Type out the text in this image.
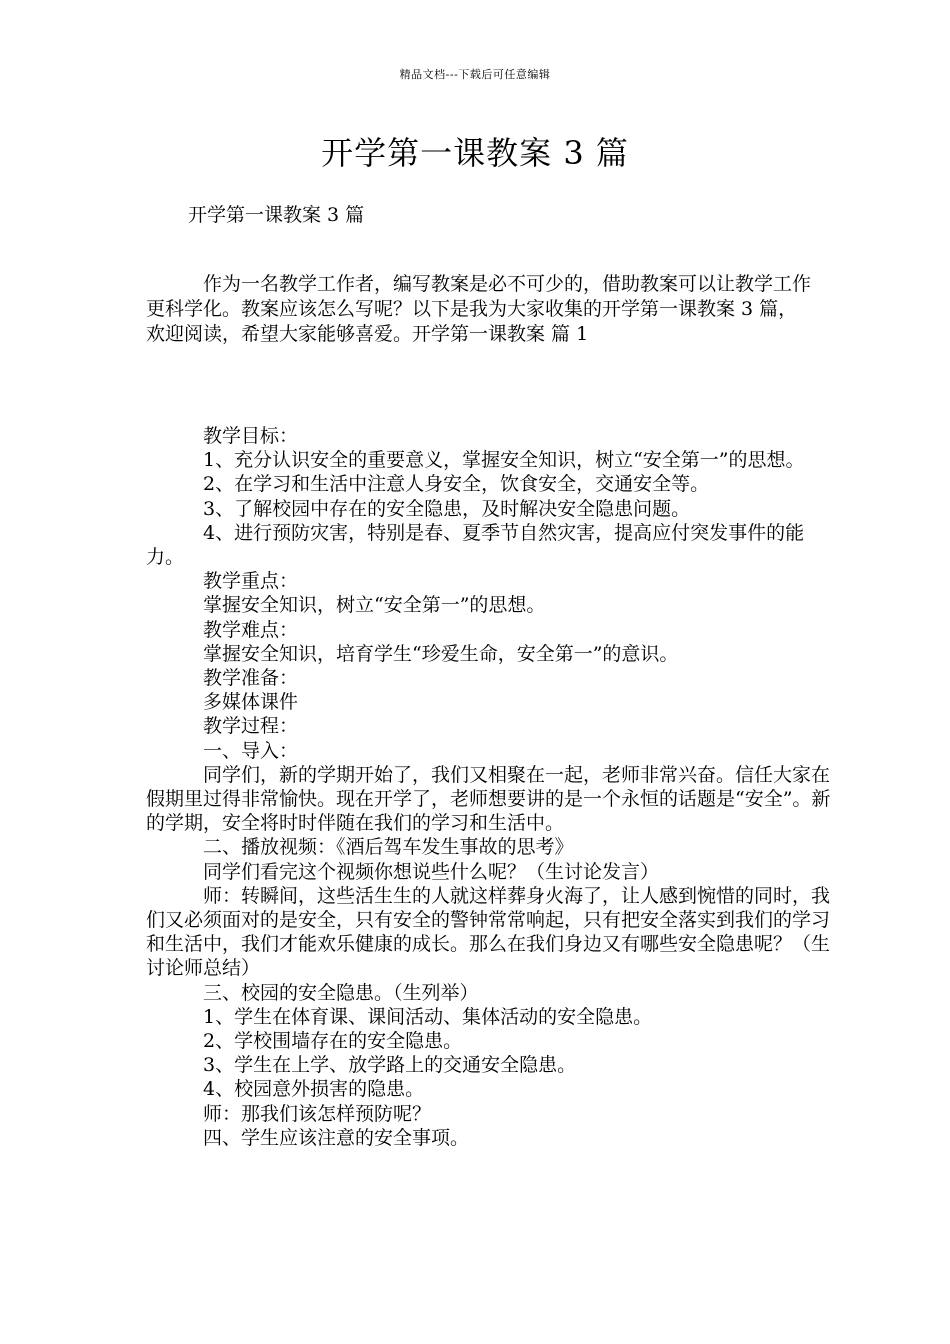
精品文档---下载后可任意编辑
开学第一课教案 3 篇

开学第一课教案 3 篇

作为一名教学工作者，编写教案是必不可少的，借助教案可以让教学工作更科学化。教案应该怎么写呢？以下是我为大家收集的开学第一课教案 3 篇，欢迎阅读，希望大家能够喜爱。开学第一课教案 篇 1

教学目标：

1、充分认识安全的重要意义，掌握安全知识，树立“安全第一”的思想。

2、在学习和生活中注意人身安全，饮食安全，交通安全等。

3、了解校园中存在的安全隐患，及时解决安全隐患问题。

4、进行预防灾害，特别是春、夏季节自然灾害，提高应付突发事件的能力。

教学重点：

掌握安全知识，树立“安全第一”的思想。

教学难点：

掌握安全知识，培育学生“珍爱生命，安全第一”的意识。

教学准备：

多媒体课件

教学过程：

一、导入：

同学们，新的学期开始了，我们又相聚在一起，老师非常兴奋。信任大家在假期里过得非常愉快。现在开学了，老师想要讲的是一个永恒的话题是“安全”。新的学期，安全将时时伴随在我们的学习和生活中。

二、播放视频：《酒后驾车发生事故的思考》

同学们看完这个视频你想说些什么呢？（生讨论发言）

师：转瞬间，这些活生生的人就这样葬身火海了，让人感到惋惜的同时，我们又必须面对的是安全，只有安全的警钟常常响起，只有把安全落实到我们的学习和生活中，我们才能欢乐健康的成长。那么在我们身边又有哪些安全隐患呢？（生讨论师总结）

三、校园的安全隐患。（生列举）

1、学生在体育课、课间活动、集体活动的安全隐患。

2、学校围墙存在的安全隐患。

3、学生在上学、放学路上的交通安全隐患。

4、校园意外损害的隐患。

师：那我们该怎样预防呢？

四、学生应该注意的安全事项。
